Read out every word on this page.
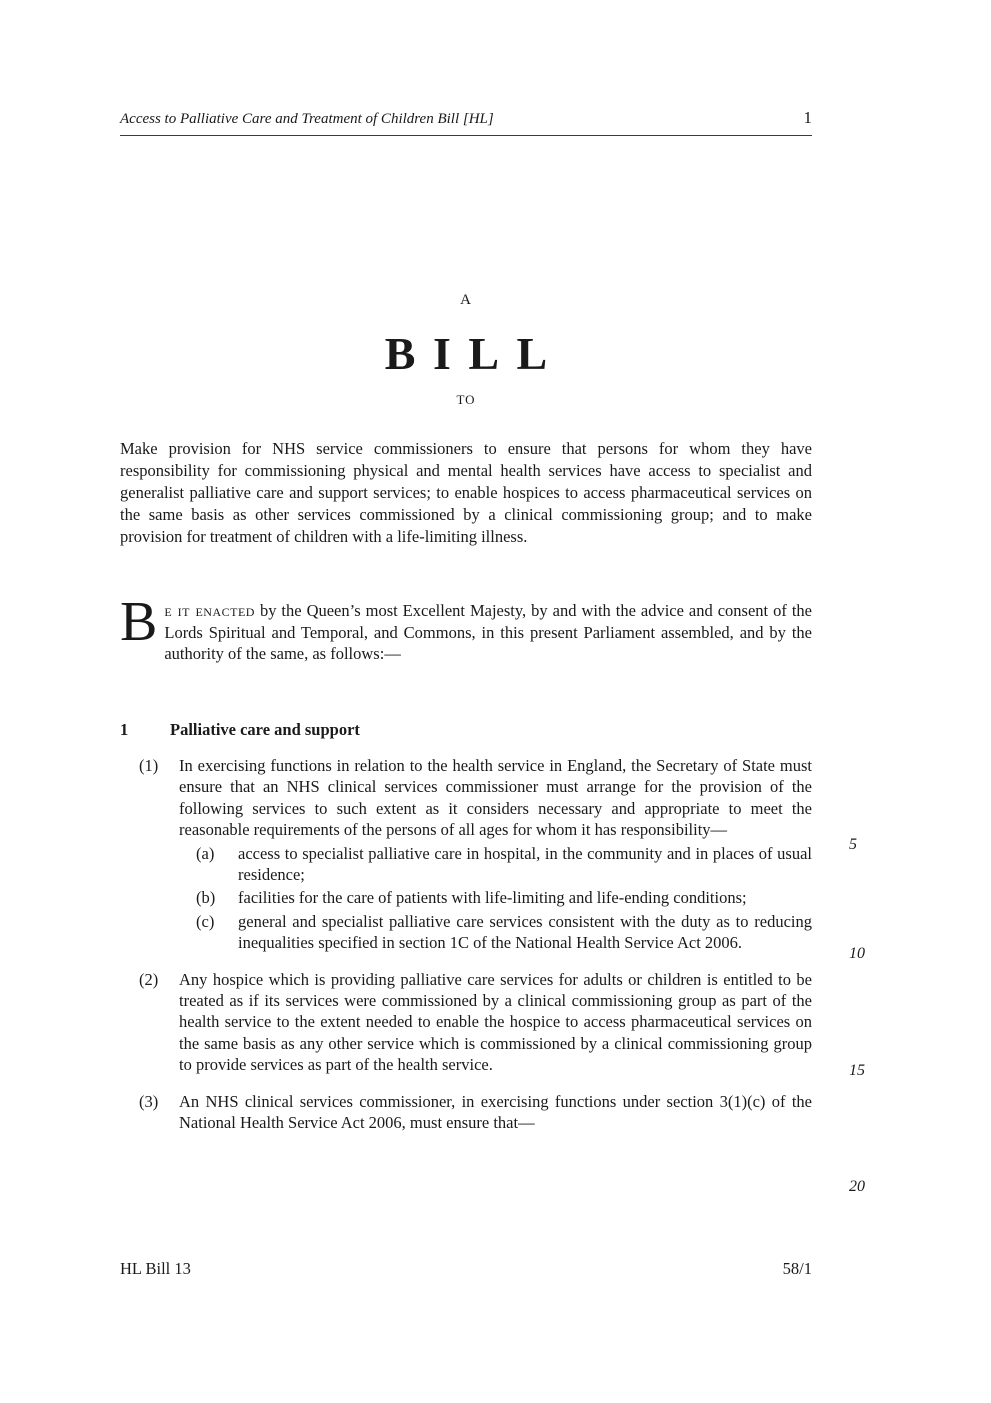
Access to Palliative Care and Treatment of Children Bill [HL]	1
A
BILL
TO

Make provision for NHS service commissioners to ensure that persons for whom they have responsibility for commissioning physical and mental health services have access to specialist and generalist palliative care and support services; to enable hospices to access pharmaceutical services on the same basis as other services commissioned by a clinical commissioning group; and to make provision for treatment of children with a life-limiting illness.

Be it enacted by the Queen’s most Excellent Majesty, by and with the advice and consent of the Lords Spiritual and Temporal, and Commons, in this present Parliament assembled, and by the authority of the same, as follows:—

1	Palliative care and support
(1)	In exercising functions in relation to the health service in England, the Secretary of State must ensure that an NHS clinical services commissioner must arrange for the provision of the following services to such extent as it considers necessary and appropriate to meet the reasonable requirements of the persons of all ages for whom it has responsibility—

(a)	access to specialist palliative care in hospital, in the community and in places of usual residence;

(b)	facilities for the care of patients with life-limiting and life-ending conditions;

(c)	general and specialist palliative care services consistent with the duty as to reducing inequalities specified in section 1C of the National Health Service Act 2006.

(2)	Any hospice which is providing palliative care services for adults or children is entitled to be treated as if its services were commissioned by a clinical commissioning group as part of the health service to the extent needed to enable the hospice to access pharmaceutical services on the same basis as any other service which is commissioned by a clinical commissioning group to provide services as part of the health service.

(3)	An NHS clinical services commissioner, in exercising functions under section 3(1)(c) of the National Health Service Act 2006, must ensure that—

5
10
15
20
HL Bill 13	58/1
